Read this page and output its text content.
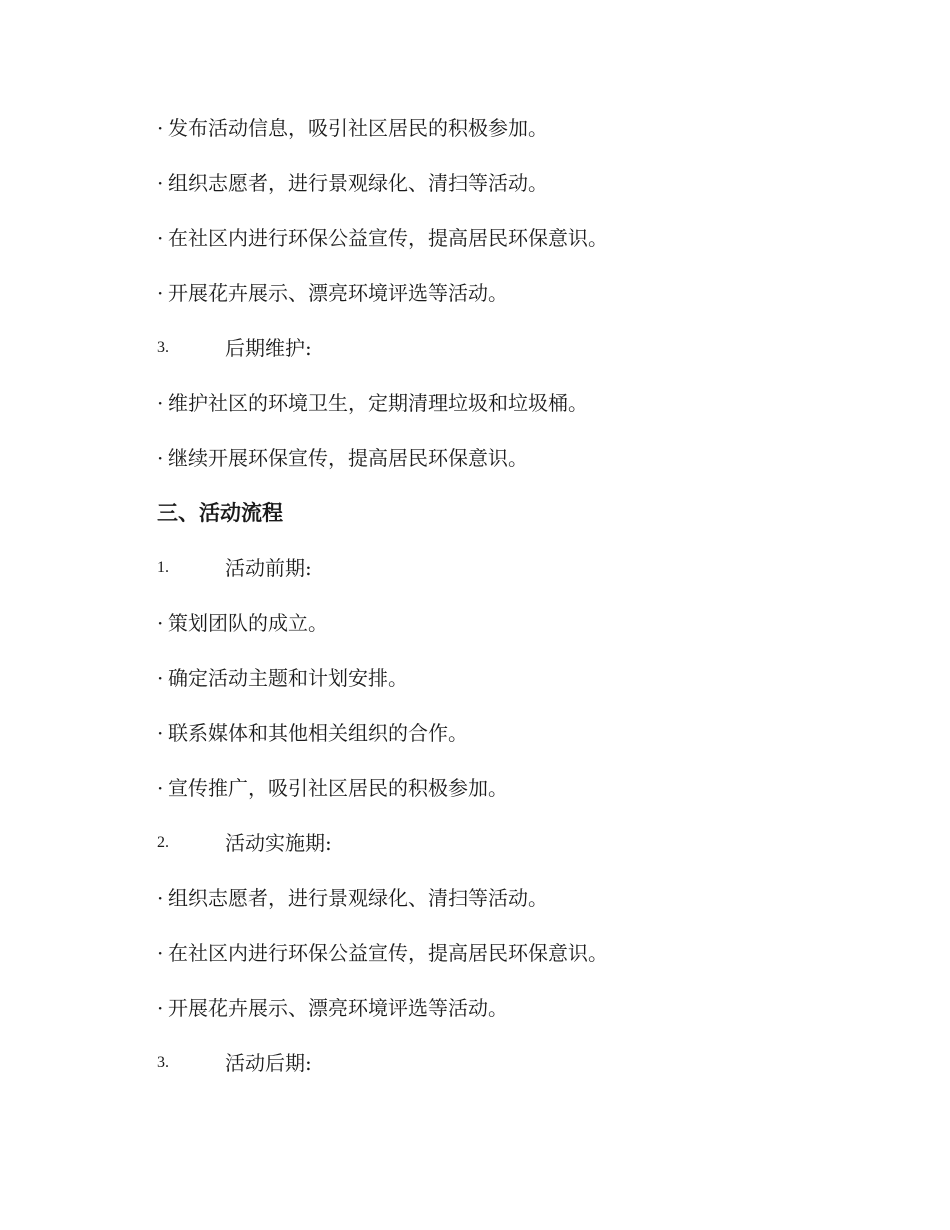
· 发布活动信息，吸引社区居民的积极参加。
· 组织志愿者，进行景观绿化、清扫等活动。
· 在社区内进行环保公益宣传，提高居民环保意识。
· 开展花卉展示、漂亮环境评选等活动。
3.	后期维护:
· 维护社区的环境卫生，定期清理垃圾和垃圾桶。
· 继续开展环保宣传，提高居民环保意识。
三、活动流程
1.	活动前期:
· 策划团队的成立。
· 确定活动主题和计划安排。
· 联系媒体和其他相关组织的合作。
· 宣传推广，吸引社区居民的积极参加。
2.	活动实施期:
· 组织志愿者，进行景观绿化、清扫等活动。
· 在社区内进行环保公益宣传，提高居民环保意识。
· 开展花卉展示、漂亮环境评选等活动。
3.	活动后期:
